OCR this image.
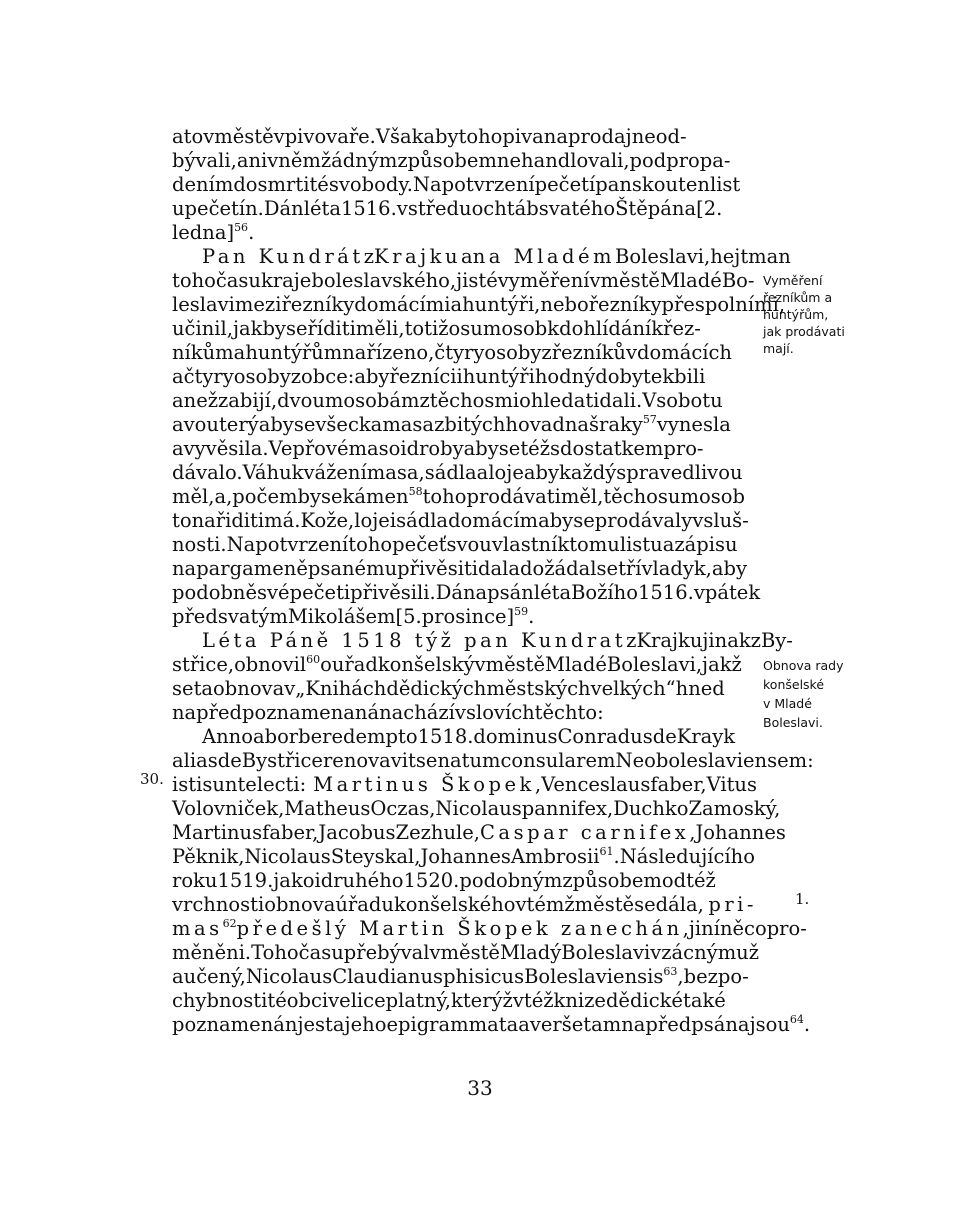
atovměstěvpivovaře.Všakabytohopivanaprodajneod-
bývali,anivněmžádnýmzpůsobemnehandlovali,podpropa-
denímdosmrtitésvobody.Napotvrzenípečetípanskoutenlist
upečetín.Dánléta1516.vstředuochtábsvatéhoŠtěpána[2.
ledna]$^{56}$.
Pan Kundrátz Krajkua na MladémBoleslavi,hejtman
tohočasukrajeboleslavského,jistévyměřenívměstěMladéBo-
leslavimeziřezníkydomácímiahuntýři,nebořezníkypřespolními,
učinil,jakbyseříditiměli,totižosumosobkdohlídáníkřez-
níkůmahuntýřůmnařízeno,čtyryosobyzřezníkůvdomácích
ačtyryosobyzobce:abyřezníciihuntýřihodnýdobytekbili
anežzabijí,dvoumosobámztěchosmiohledatidali.Vsobotu
avouterýabysevšeckamasazbitýchhovadnašraky$^{57}$vynesla
avyvěsila.Vepřovémasoidrobyabysetéžsdostatkempro-
dávalo.Váhukváženímasa,sádlaalojeabykaždýspravedlivou
měl,a,počembysekámen$^{58}$tohoprodávatiměl,těchosumosob
tonařiditimá.Kože,lojeisádladomácímabyseprodávalyvsluš-
nosti.Napotvrzenítohopečeťsvouvlastníktomulistuazápisu
napargameněpsanémupřivěsitidaladožádalsetřívladyk,aby
podobněsvépečetipřivěsili.DánapsánlétaBožího1516.vpátek
předsvatýmMikolášem[5.prosince]$^{59}$.
Léta Páně 1518 týž pan KundratzKrajkujinakzBy-
střice,obnovil$^{60}$ouřadkonšelskývměstěMladéBoleslavi,jakž
setaobnovav„Kniháchdědickýchměstskýchvelkých“hned
napředpoznamenanánacházívslovíchtěchto:
Annoaborberedempto1518.dominusConradusdeKrayk
aliasdeBystřicerenovavitsenatumconsularemNeoboleslaviensem:
istisuntelecti: Martinus Škopek,Venceslausfaber,Vitus
Volovniček,MatheusOczas,Nicolauspannifex,DuchkoZamoský,
Martinusfaber,JacobusZezhule, Caspar carnifex,Johannes
Pěknik,NicolausSteyskal,JohannesAmbrosii$^{61}$.Následujícího
roku1519.jakoidruhého1520.podobnýmzpůsobemodtéž
vrchnostiobnovaúřadukonšelskéhovtémžměstěsedála, pri-
mas$^{62}$ předešlý Martin Škopek zanechán,jiníněcopro-
měněni.TohočasupřebývalvměstěMladýBoleslavivzácnýmuž
aučený,NicolausClaudianusphisicusBoleslaviensis$^{63}$,bezpo-
chybnostitéobciveliceplatný,kterýžvtéžknizedědickétaké
poznamenánjestajehoepigrammataaveršetamnapředpsánajsou$^{64}$.
Vyměření
řezníkům a
huntýřům,
jak prodávati
mají.
Obnova rady
konšelské
v Mladé
Boleslavi.
30.
1.
33
